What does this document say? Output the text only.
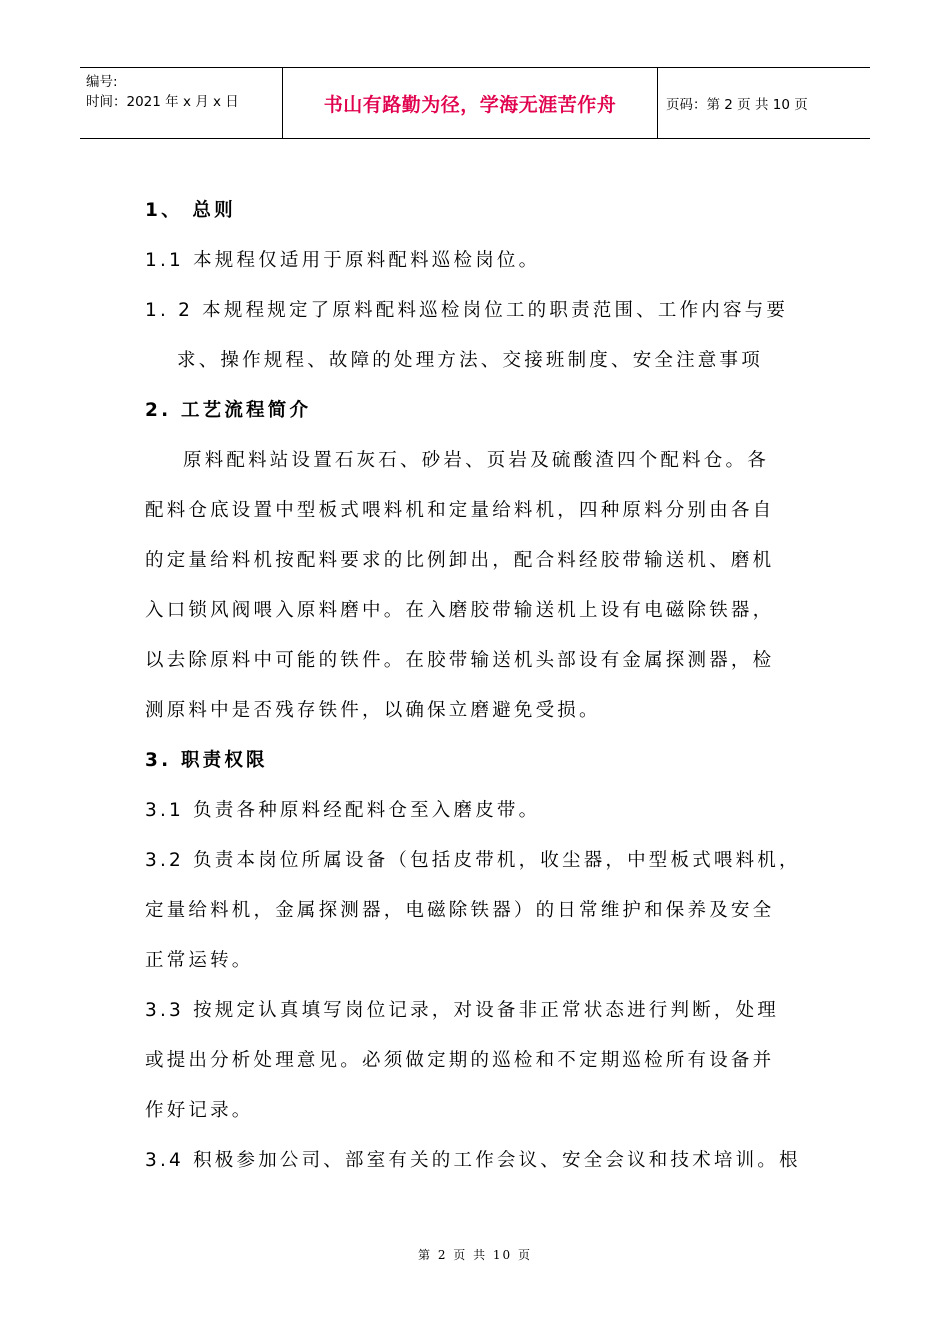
编号:
时间：2021 年 x 月 x 日	书山有路勤为径，学海无涯苦作舟	页码：第 2 页 共 10 页

1、 总则

1.1 本规程仅适用于原料配料巡检岗位。

1. 2 本规程规定了原料配料巡检岗位工的职责范围、工作内容与要

求、操作规程、故障的处理方法、交接班制度、安全注意事项

2. 工艺流程简介

原料配料站设置石灰石、砂岩、页岩及硫酸渣四个配料仓。各

配料仓底设置中型板式喂料机和定量给料机，四种原料分别由各自

的定量给料机按配料要求的比例卸出，配合料经胶带输送机、磨机

入口锁风阀喂入原料磨中。在入磨胶带输送机上设有电磁除铁器，

以去除原料中可能的铁件。在胶带输送机头部设有金属探测器，检

测原料中是否残存铁件，以确保立磨避免受损。

3. 职责权限

3.1 负责各种原料经配料仓至入磨皮带。

3.2 负责本岗位所属设备（包括皮带机，收尘器，中型板式喂料机，

定量给料机，金属探测器，电磁除铁器）的日常维护和保养及安全

正常运转。

3.3 按规定认真填写岗位记录，对设备非正常状态进行判断，处理

或提出分析处理意见。必须做定期的巡检和不定期巡检所有设备并

作好记录。

3.4 积极参加公司、部室有关的工作会议、安全会议和技术培训。根

第 2 页 共 10 页
